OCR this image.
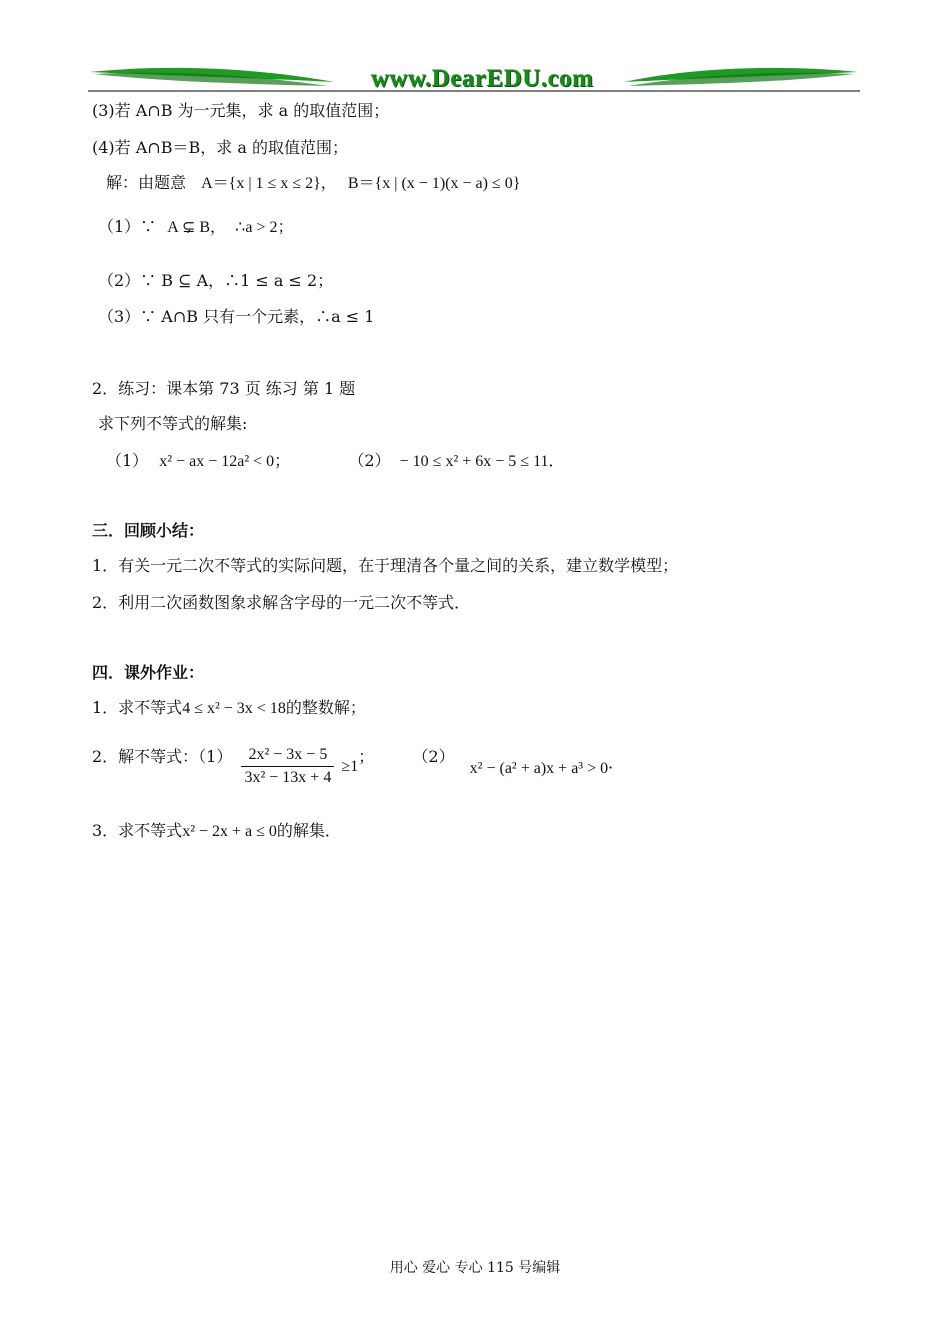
www.DearEDU.com
(3)若 A∩B 为一元集，求 a 的取值范围；
(4)若 A∩B＝B，求 a 的取值范围；
解：由题意 A＝{x | 1 ≤ x ≤ 2}， B＝{x | (x − 1)(x − a) ≤ 0}
（1）∵ A ⊊ B， ∴a > 2；
（2）∵ B ⊆ A，∴1 ≤ a ≤ 2；
（3）∵ A∩B 只有一个元素，∴a ≤ 1
2．练习：课本第 73 页 练习 第 1 题
求下列不等式的解集:
（1） x² − ax − 12a² < 0；	（2） − 10 ≤ x² + 6x − 5 ≤ 11．
三．回顾小结：
1．有关一元二次不等式的实际问题，在于理清各个量之间的关系，建立数学模型；
2．利用二次函数图象求解含字母的一元二次不等式．
四．课外作业：
1．求不等式4 ≤ x² − 3x < 18的整数解；
2．解不等式：$(1) \frac{\text{2x² − 3x − 5}}{\text{3x² − 13x + 4}} \ge 1$； （2） x² − (a² + a)x + a³ > 0．
3．求不等式x² − 2x + a ≤ 0的解集．
用心 爱心 专心 115 号编辑
